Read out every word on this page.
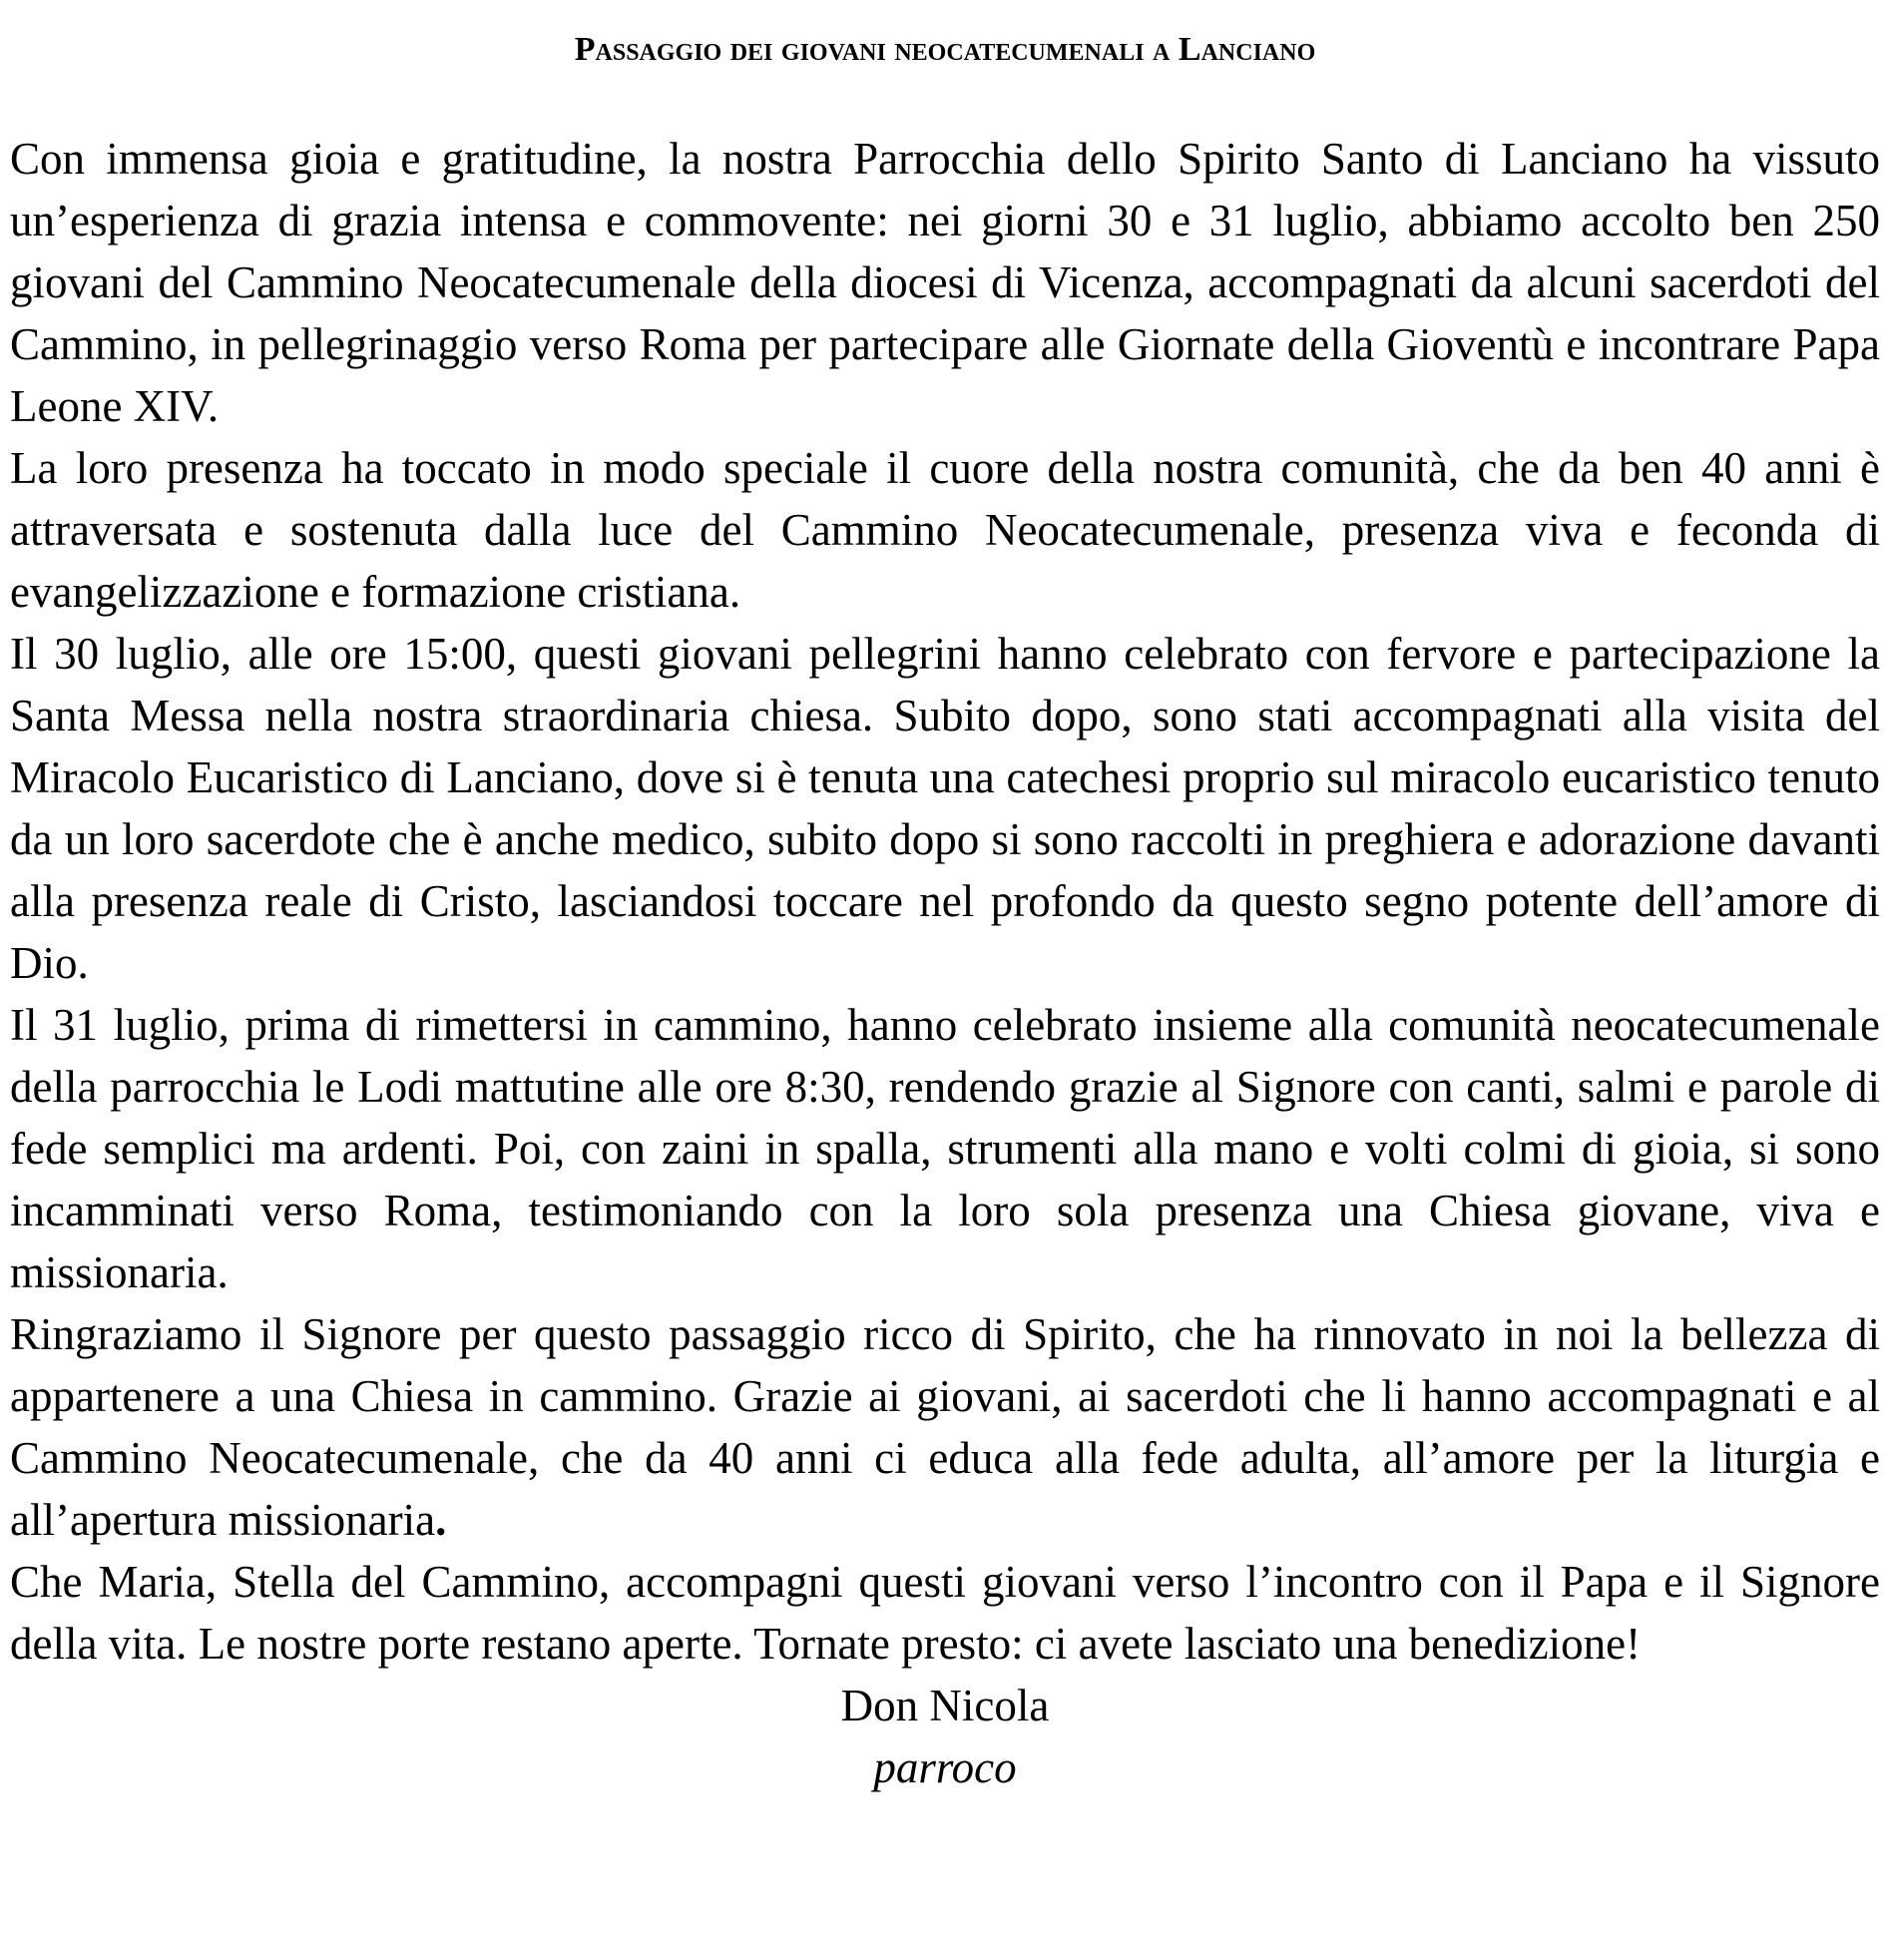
Passaggio dei giovani neocatecumenali a Lanciano

Con immensa gioia e gratitudine, la nostra Parrocchia dello Spirito Santo di Lanciano ha vissuto un’esperienza di grazia intensa e commovente: nei giorni 30 e 31 luglio, abbiamo accolto ben 250 giovani del Cammino Neocatecumenale della diocesi di Vicenza, accompagnati da alcuni sacerdoti del Cammino, in pellegrinaggio verso Roma per partecipare alle Giornate della Gioventù e incontrare Papa Leone XIV.

La loro presenza ha toccato in modo speciale il cuore della nostra comunità, che da ben 40 anni è attraversata e sostenuta dalla luce del Cammino Neocatecumenale, presenza viva e feconda di evangelizzazione e formazione cristiana.

Il 30 luglio, alle ore 15:00, questi giovani pellegrini hanno celebrato con fervore e partecipazione la Santa Messa nella nostra straordinaria chiesa. Subito dopo, sono stati accompagnati alla visita del Miracolo Eucaristico di Lanciano, dove si è tenuta una catechesi proprio sul miracolo eucaristico tenuto da un loro sacerdote che è anche medico, subito dopo si sono raccolti in preghiera e adorazione davanti alla presenza reale di Cristo, lasciandosi toccare nel profondo da questo segno potente dell’amore di Dio.

Il 31 luglio, prima di rimettersi in cammino, hanno celebrato insieme alla comunità neocatecumenale della parrocchia le Lodi mattutine alle ore 8:30, rendendo grazie al Signore con canti, salmi e parole di fede semplici ma ardenti. Poi, con zaini in spalla, strumenti alla mano e volti colmi di gioia, si sono incamminati verso Roma, testimoniando con la loro sola presenza una Chiesa giovane, viva e missionaria.

Ringraziamo il Signore per questo passaggio ricco di Spirito, che ha rinnovato in noi la bellezza di appartenere a una Chiesa in cammino. Grazie ai giovani, ai sacerdoti che li hanno accompagnati e al Cammino Neocatecumenale, che da 40 anni ci educa alla fede adulta, all’amore per la liturgia e all’apertura missionaria.

Che Maria, Stella del Cammino, accompagni questi giovani verso l’incontro con il Papa e il Signore della vita. Le nostre porte restano aperte. Tornate presto: ci avete lasciato una benedizione!

Don Nicola
parroco
